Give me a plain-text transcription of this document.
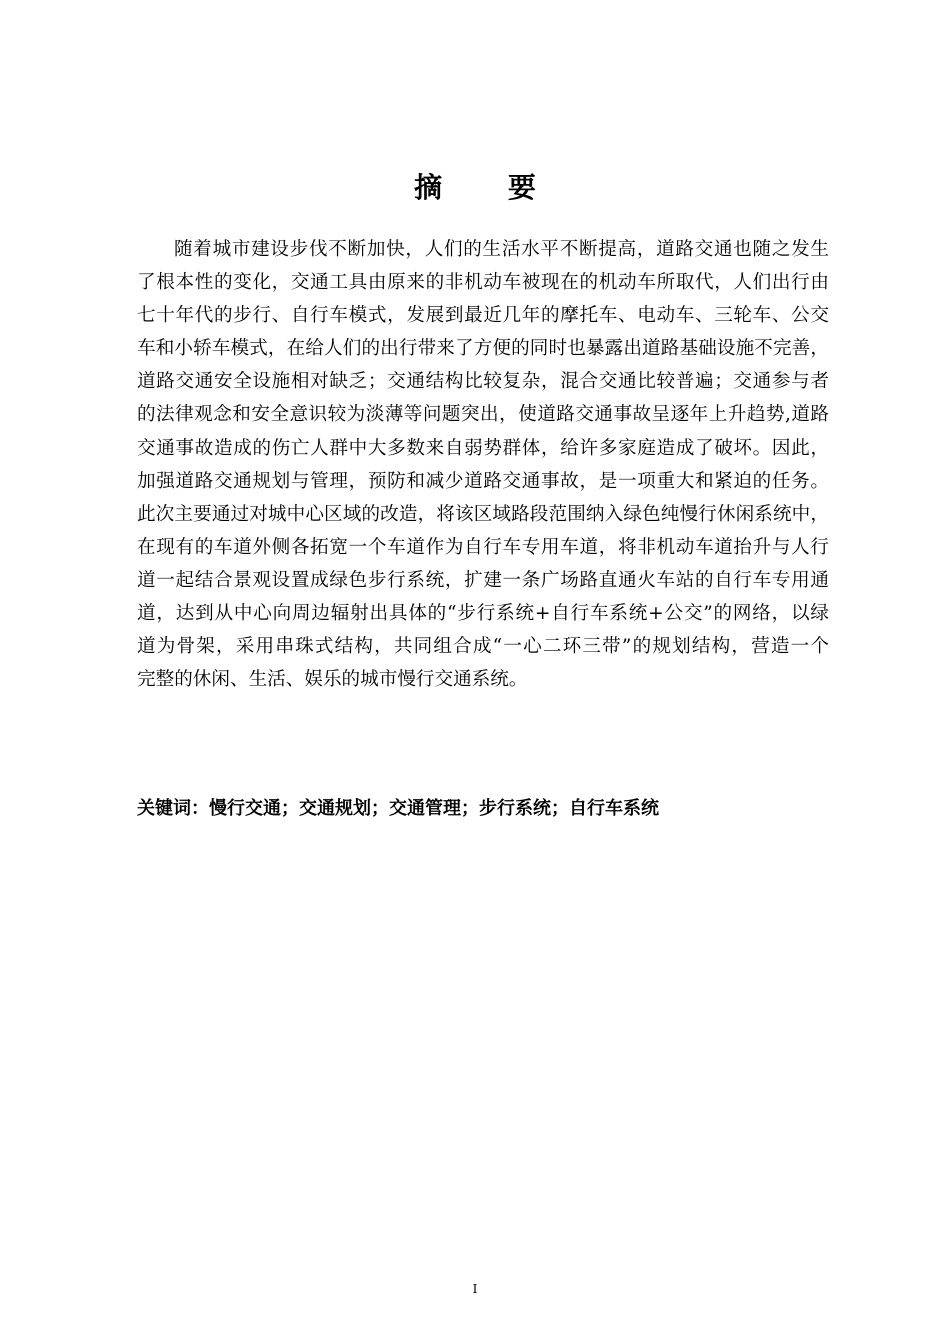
摘 要
随着城市建设步伐不断加快，人们的生活水平不断提高，道路交通也随之发生
了根本性的变化，交通工具由原来的非机动车被现在的机动车所取代，人们出行由
七十年代的步行、自行车模式，发展到最近几年的摩托车、电动车、三轮车、公交
车和小轿车模式，在给人们的出行带来了方便的同时也暴露出道路基础设施不完善，
道路交通安全设施相对缺乏；交通结构比较复杂，混合交通比较普遍；交通参与者
的法律观念和安全意识较为淡薄等问题突出，使道路交通事故呈逐年上升趋势,道路
交通事故造成的伤亡人群中大多数来自弱势群体，给许多家庭造成了破坏。因此，
加强道路交通规划与管理，预防和减少道路交通事故，是一项重大和紧迫的任务。
此次主要通过对城中心区域的改造，将该区域路段范围纳入绿色纯慢行休闲系统中，
在现有的车道外侧各拓宽一个车道作为自行车专用车道，将非机动车道抬升与人行
道一起结合景观设置成绿色步行系统，扩建一条广场路直通火车站的自行车专用通
道，达到从中心向周边辐射出具体的“步行系统+自行车系统+公交”的网络，以绿
道为骨架，采用串珠式结构，共同组合成“一心二环三带”的规划结构，营造一个
完整的休闲、生活、娱乐的城市慢行交通系统。
关键词：慢行交通；交通规划；交通管理；步行系统；自行车系统
I
